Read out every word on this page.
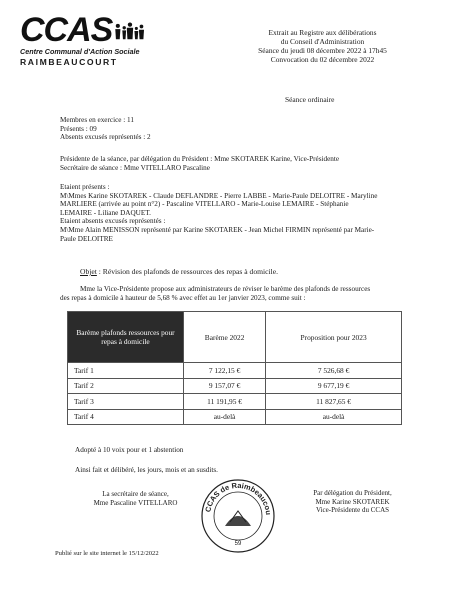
CCAS
Centre Communal d'Action Sociale
RAIMBEAUCOURT
Extrait au Registre aux délibérations
du Conseil d'Administration
Séance du jeudi 08 décembre 2022 à 17h45
Convocation du 02 décembre 2022
Séance ordinaire
Membres en exercice : 11
Présents : 09
Absents excusés représentés : 2
Présidente de la séance, par délégation du Président : Mme SKOTAREK Karine, Vice-Présidente
Secrétaire de séance : Mme VITELLARO Pascaline
Etaient présents :
M\Mmes Karine SKOTAREK - Claude DEFLANDRE - Pierre LABBE - Marie-Paule DELOITRE - Maryline
MARLIERE (arrivée au point n°2) - Pascaline VITELLARO - Marie-Louise LEMAIRE - Stéphanie
LEMAIRE - Liliane DAQUET.
Etaient absents excusés représentés :
M\Mme Alain MENISSON représenté par Karine SKOTAREK - Jean Michel FIRMIN représenté par Marie-
Paule DELOITRE
Objet : Révision des plafonds de ressources des repas à domicile.
Mme la Vice-Présidente propose aux administrateurs de réviser le barème des plafonds de ressources
des repas à domicile à hauteur de 5,68 % avec effet au 1er janvier 2023, comme suit :
Barème plafonds ressources pour repas à domicile	Barème 2022	Proposition pour 2023
Tarif 1	7 122,15 €	7 526,68 €
Tarif 2	9 157,07 €	9 677,19 €
Tarif 3	11 191,95 €	11 827,65 €
Tarif 4	au-delà	au-delà
Adopté à 10 voix pour et 1 abstention
Ainsi fait et délibéré, les jours, mois et an susdits.
La secrétaire de séance,
Mme Pascaline VITELLARO
CCAS de Raimbeaucou
59
Par délégation du Président,
Mme Karine SKOTAREK
Vice-Présidente du CCAS
Publié sur le site internet le 15/12/2022
